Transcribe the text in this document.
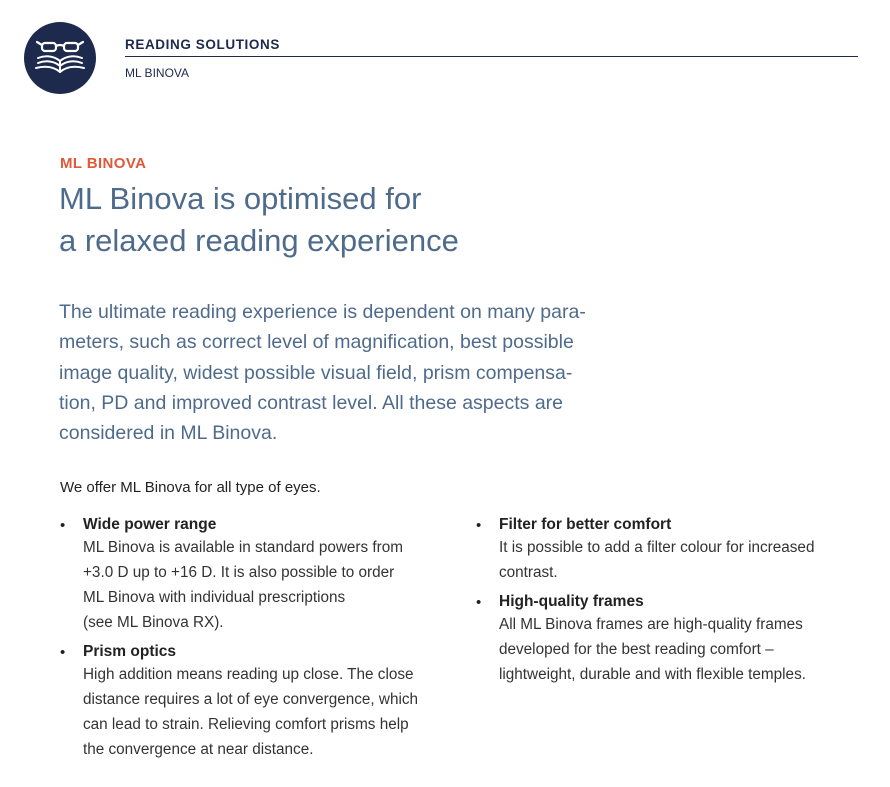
READING SOLUTIONS
ML BINOVA
ML BINOVA
ML Binova is optimised for
a relaxed reading experience

The ultimate reading experience is dependent on many para-
meters, such as correct level of magnification, best possible
image quality, widest possible visual field, prism compensa-
tion, PD and improved contrast level. All these aspects are
considered in ML Binova.

We offer ML Binova for all type of eyes.

• Wide power range
ML Binova is available in standard powers from
+3.0 D up to +16 D. It is also possible to order
ML Binova with individual prescriptions
(see ML Binova RX).
• Prism optics
High addition means reading up close. The close
distance requires a lot of eye convergence, which
can lead to strain. Relieving comfort prisms help
the convergence at near distance.
• Filter for better comfort
It is possible to add a filter colour for increased
contrast.
• High-quality frames
All ML Binova frames are high-quality frames
developed for the best reading comfort –
lightweight, durable and with flexible temples.
